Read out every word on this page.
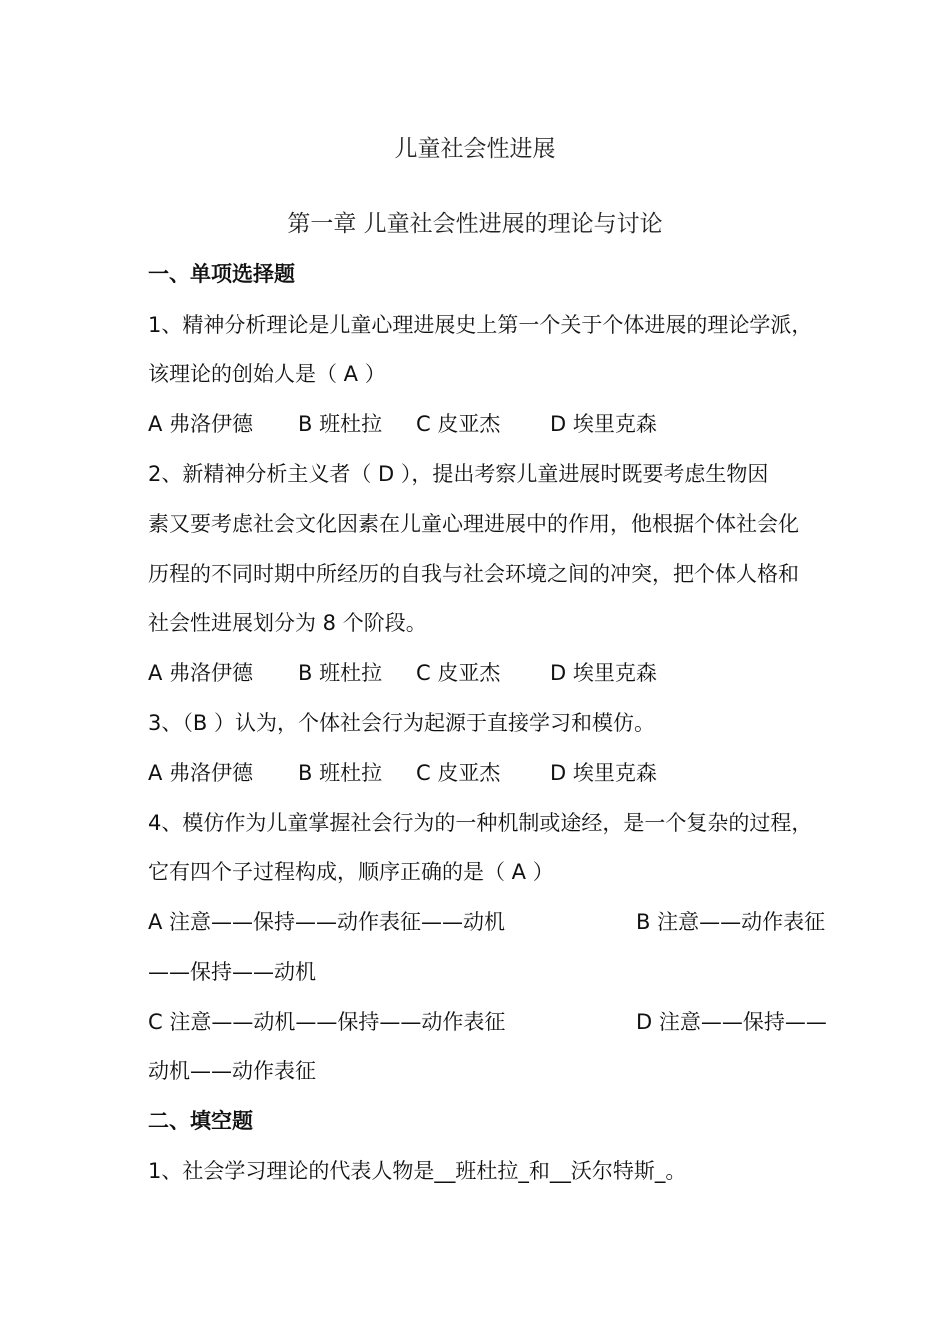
儿童社会性进展
第一章 儿童社会性进展的理论与讨论
一、单项选择题
1、精神分析理论是儿童心理进展史上第一个关于个体进展的理论学派，
该理论的创始人是（ A ）
A 弗洛伊德 B 班杜拉 C 皮亚杰 D 埃里克森
2、新精神分析主义者（ D ），提出考察儿童进展时既要考虑生物因
素又要考虑社会文化因素在儿童心理进展中的作用，他根据个体社会化
历程的不同时期中所经历的自我与社会环境之间的冲突，把个体人格和
社会性进展划分为 8 个阶段。
A 弗洛伊德 B 班杜拉 C 皮亚杰 D 埃里克森
3、（B ）认为，个体社会行为起源于直接学习和模仿。
A 弗洛伊德 B 班杜拉 C 皮亚杰 D 埃里克森
4、模仿作为儿童掌握社会行为的一种机制或途经，是一个复杂的过程，
它有四个子过程构成，顺序正确的是（ A ）
A 注意——保持——动作表征——动机	B 注意——动作表征
——保持——动机
C 注意——动机——保持——动作表征	D 注意——保持——
动机——动作表征
二、填空题
1、社会学习理论的代表人物是__班杜拉_和__沃尔特斯_。
